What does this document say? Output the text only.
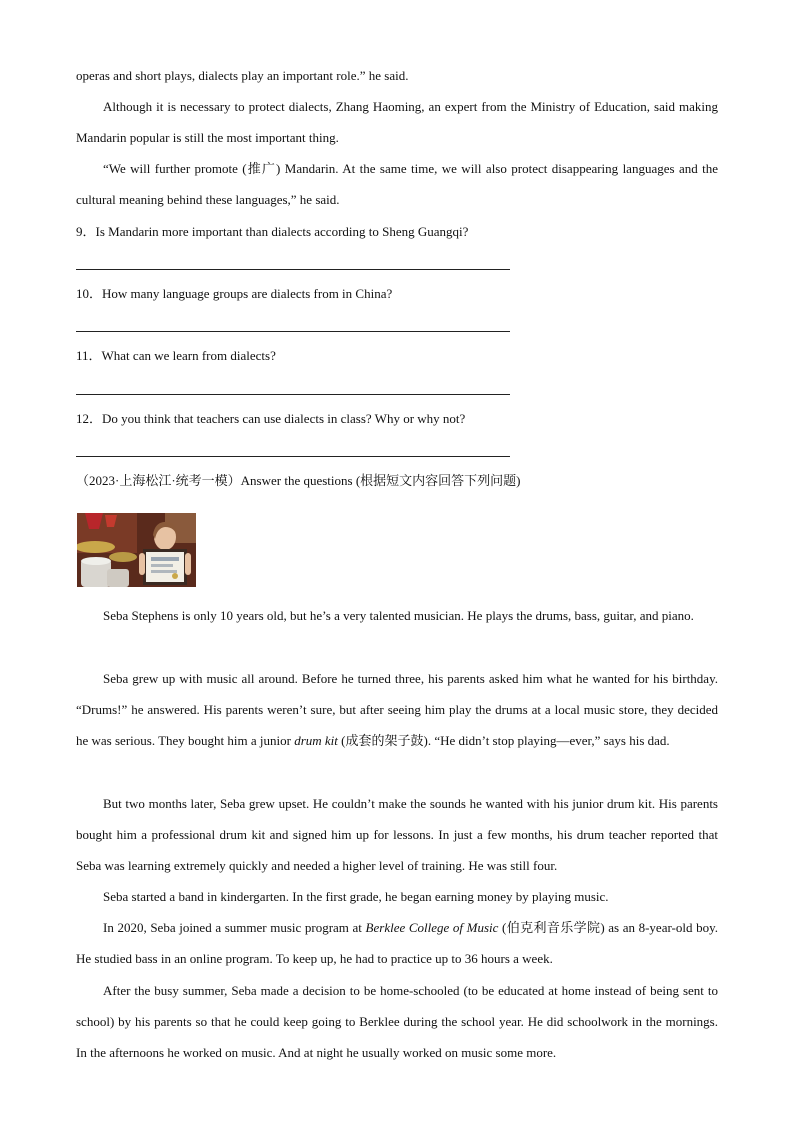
operas and short plays, dialects play an important role.” he said.

Although it is necessary to protect dialects, Zhang Haoming, an expert from the Ministry of Education, said making Mandarin popular is still the most important thing.

“We will further promote (推广) Mandarin. At the same time, we will also protect disappearing languages and the cultural meaning behind these languages,” he said.

9．Is Mandarin more important than dialects according to Sheng Guangqi?

10．How many language groups are dialects from in China?

11．What can we learn from dialects?

12．Do you think that teachers can use dialects in class? Why or why not?

（2023·上海松江·统考一模）Answer the questions (根据短文内容回答下列问题)

Seba Stephens is only 10 years old, but he’s a very talented musician. He plays the drums, bass, guitar, and piano.

Seba grew up with music all around. Before he turned three, his parents asked him what he wanted for his birthday. “Drums!” he answered. His parents weren’t sure, but after seeing him play the drums at a local music store, they decided he was serious. They bought him a junior drum kit (成套的架子鼓). “He didn’t stop playing—ever,” says his dad.

But two months later, Seba grew upset. He couldn’t make the sounds he wanted with his junior drum kit. His parents bought him a professional drum kit and signed him up for lessons. In just a few months, his drum teacher reported that Seba was learning extremely quickly and needed a higher level of training. He was still four.

Seba started a band in kindergarten. In the first grade, he began earning money by playing music.

In 2020, Seba joined a summer music program at Berklee College of Music (伯克利音乐学院) as an 8-year-old boy. He studied bass in an online program. To keep up, he had to practice up to 36 hours a week.

After the busy summer, Seba made a decision to be home-schooled (to be educated at home instead of being sent to school) by his parents so that he could keep going to Berklee during the school year. He did schoolwork in the mornings. In the afternoons he worked on music. And at night he usually worked on music some more.
